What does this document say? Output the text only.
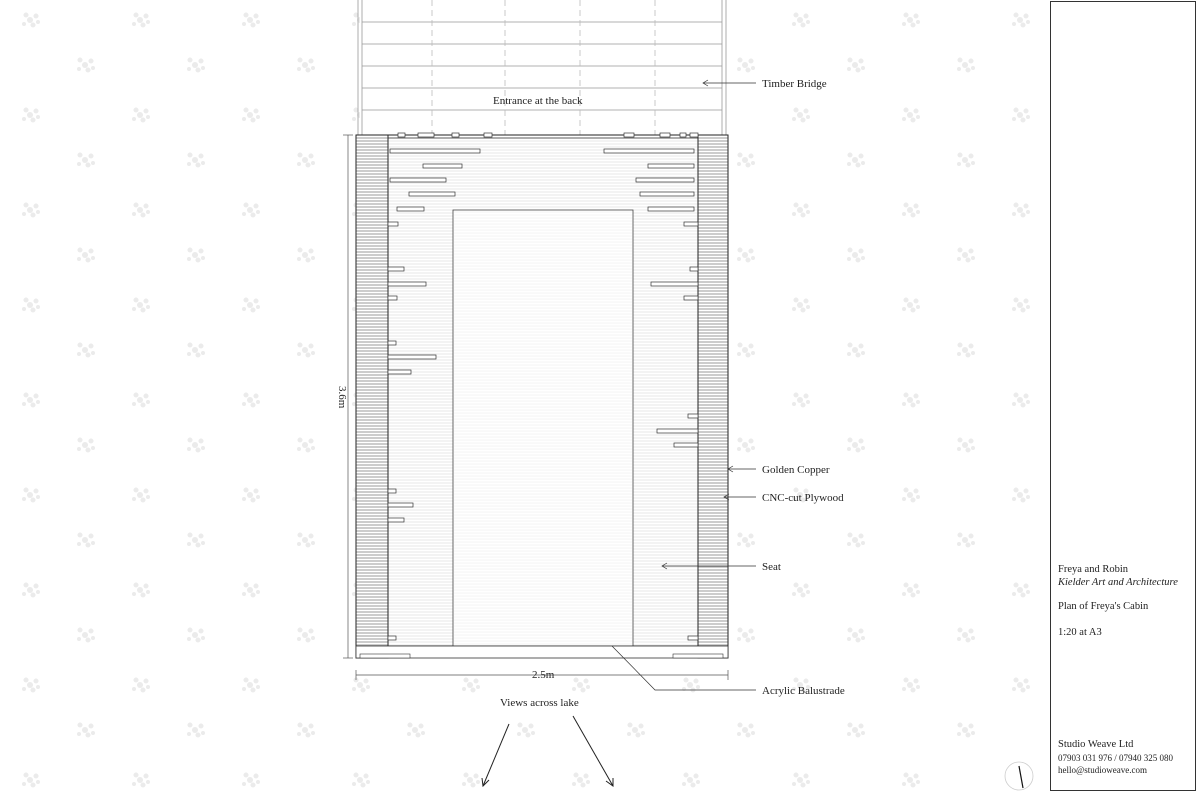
Entrance at the back
Timber Bridge
Golden Copper
CNC-cut Plywood
Seat
Acrylic Balustrade
Views across lake
2.5m
3.6m
Freya and Robin
Kielder Art and Architecture
Plan of Freya's Cabin
1:20 at A3
Studio Weave Ltd
07903 031 976 / 07940 325 080
hello@studioweave.com
